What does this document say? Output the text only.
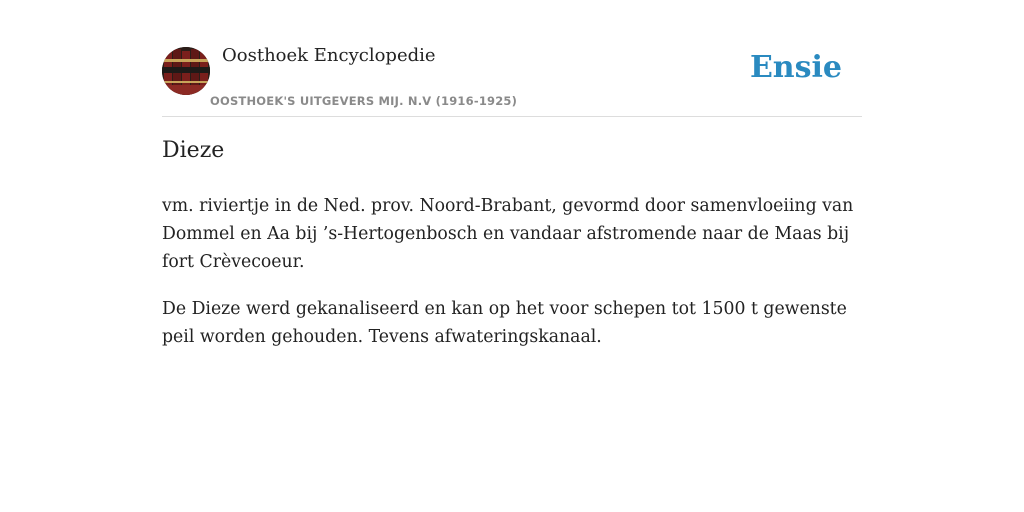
Oosthoek Encyclopedie
OOSTHOEK'S UITGEVERS MIJ. N.V (1916-1925)
Ensie
Dieze

vm. riviertje in de Ned. prov. Noord-Brabant, gevormd door samenvloeiing van Dommel en Aa bij ’s-Hertogenbosch en vandaar afstromende naar de Maas bij fort Crèvecoeur.

De Dieze werd gekanaliseerd en kan op het voor schepen tot 1500 t gewenste peil worden gehouden. Tevens afwateringskanaal.
